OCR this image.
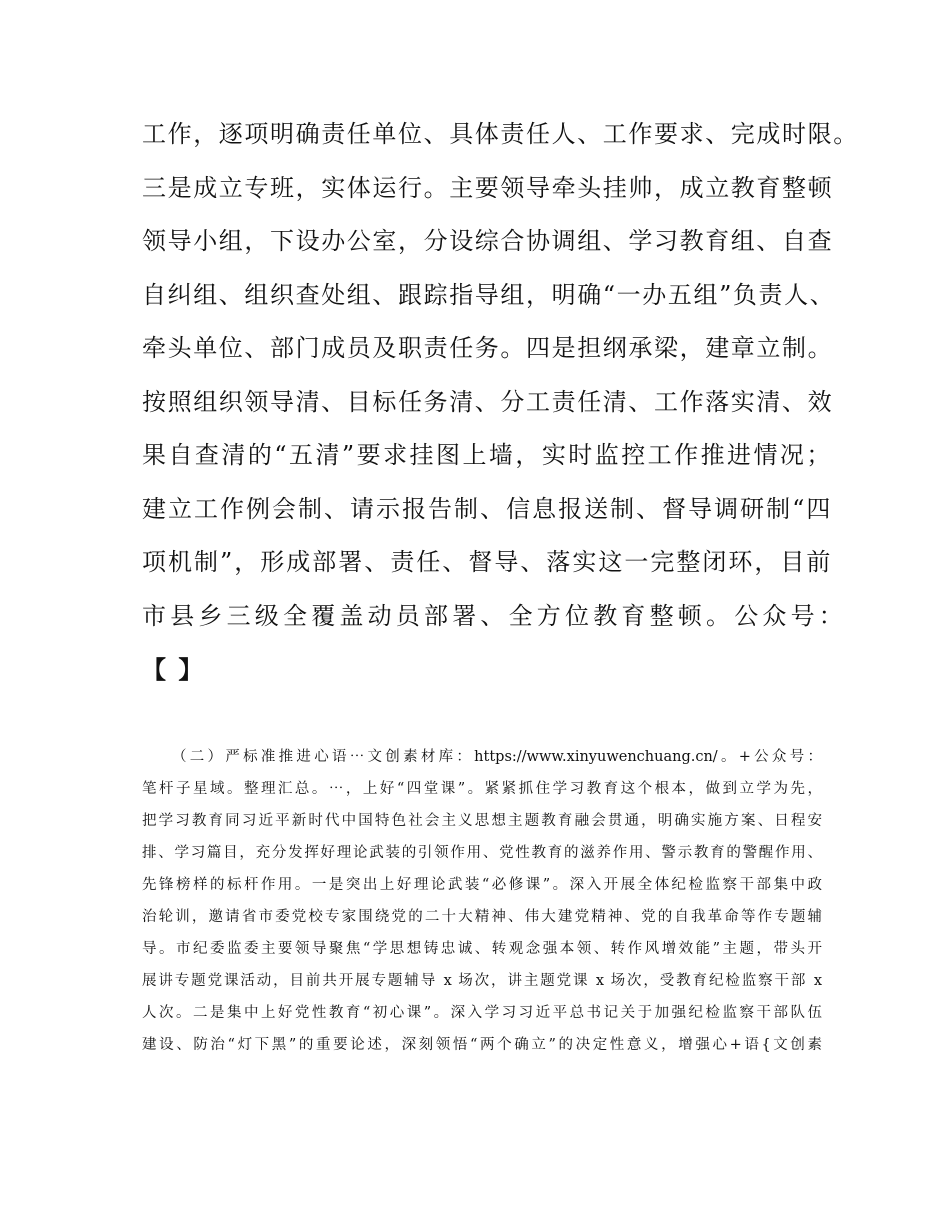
工作，逐项明确责任单位、具体责任人、工作要求、完成时限。
三是成立专班，实体运行。主要领导牵头挂帅，成立教育整顿
领导小组，下设办公室，分设综合协调组、学习教育组、自查
自纠组、组织查处组、跟踪指导组，明确“一办五组”负责人、
牵头单位、部门成员及职责任务。四是担纲承梁，建章立制。
按照组织领导清、目标任务清、分工责任清、工作落实清、效
果自查清的“五清”要求挂图上墙，实时监控工作推进情况；
建立工作例会制、请示报告制、信息报送制、督导调研制“四
项机制”，形成部署、责任、督导、落实这一完整闭环，目前
市县乡三级全覆盖动员部署、全方位教育整顿。公众号：
【 】
（二）严标准推进心语⋯文创素材库：https://www.xinyuwenchuang.cn/。+公众号：
笔杆子星域。整理汇总。⋯，上好“四堂课”。紧紧抓住学习教育这个根本，做到立学为先，
把学习教育同习近平新时代中国特色社会主义思想主题教育融会贯通，明确实施方案、日程安
排、学习篇目，充分发挥好理论武装的引领作用、党性教育的滋养作用、警示教育的警醒作用、
先锋榜样的标杆作用。一是突出上好理论武装“必修课”。深入开展全体纪检监察干部集中政
治轮训，邀请省市委党校专家围绕党的二十大精神、伟大建党精神、党的自我革命等作专题辅
导。市纪委监委主要领导聚焦“学思想铸忠诚、转观念强本领、转作风增效能”主题，带头开
展讲专题党课活动，目前共开展专题辅导 x 场次，讲主题党课 x 场次，受教育纪检监察干部 x
人次。二是集中上好党性教育“初心课”。深入学习习近平总书记关于加强纪检监察干部队伍
建设、防治“灯下黑”的重要论述，深刻领悟“两个确立”的决定性意义，增强心+语{文创素
